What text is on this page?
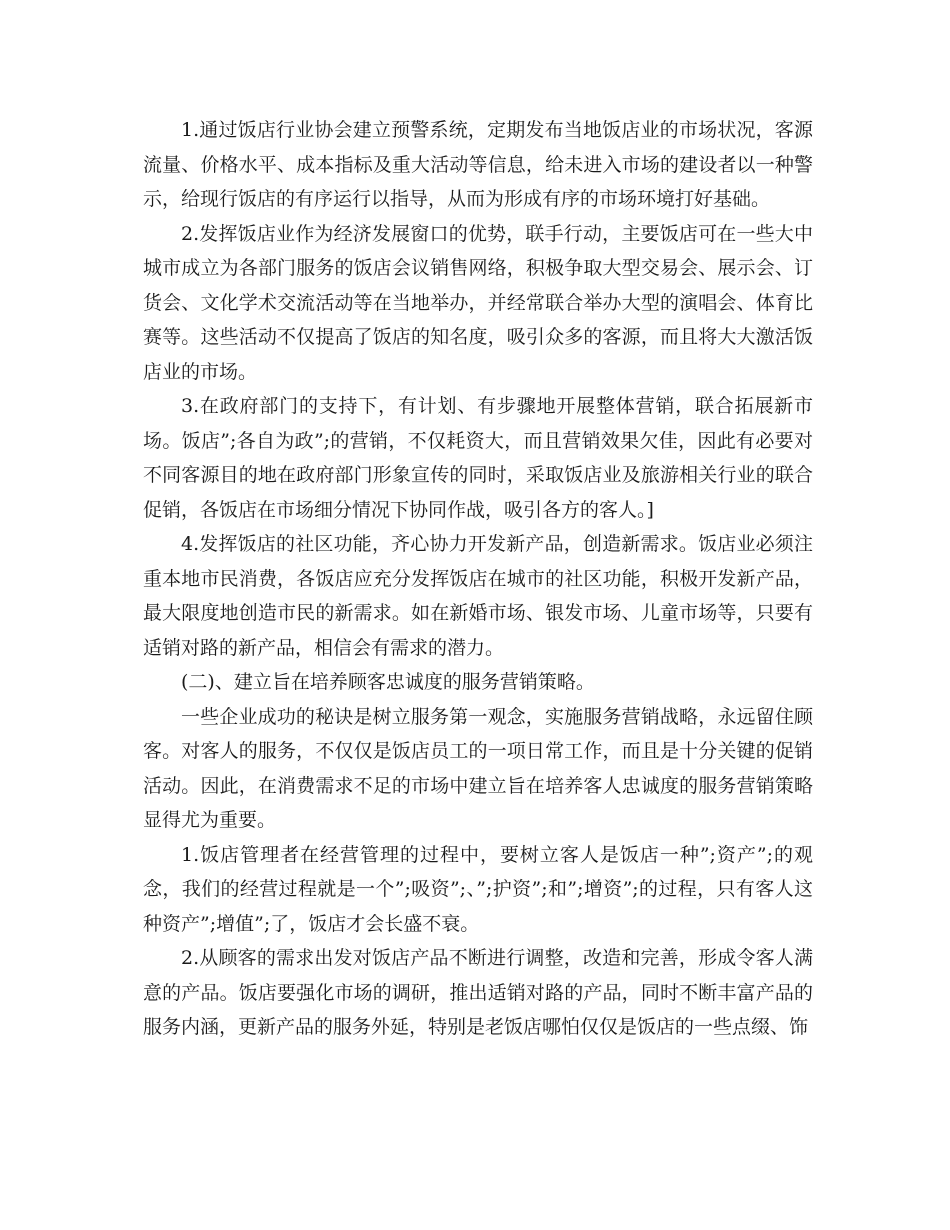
1.通过饭店行业协会建立预警系统，定期发布当地饭店业的市场状况，客源流量、价格水平、成本指标及重大活动等信息，给未进入市场的建设者以一种警示，给现行饭店的有序运行以指导，从而为形成有序的市场环境打好基础。

2.发挥饭店业作为经济发展窗口的优势，联手行动，主要饭店可在一些大中城市成立为各部门服务的饭店会议销售网络，积极争取大型交易会、展示会、订货会、文化学术交流活动等在当地举办，并经常联合举办大型的演唱会、体育比赛等。这些活动不仅提高了饭店的知名度，吸引众多的客源，而且将大大激活饭店业的市场。

3.在政府部门的支持下，有计划、有步骤地开展整体营销，联合拓展新市场。饭店”;各自为政”;的营销，不仅耗资大，而且营销效果欠佳，因此有必要对不同客源目的地在政府部门形象宣传的同时，采取饭店业及旅游相关行业的联合促销，各饭店在市场细分情况下协同作战，吸引各方的客人。]

4.发挥饭店的社区功能，齐心协力开发新产品，创造新需求。饭店业必须注重本地市民消费，各饭店应充分发挥饭店在城市的社区功能，积极开发新产品，最大限度地创造市民的新需求。如在新婚市场、银发市场、儿童市场等，只要有适销对路的新产品，相信会有需求的潜力。

(二)、建立旨在培养顾客忠诚度的服务营销策略。

一些企业成功的秘诀是树立服务第一观念，实施服务营销战略，永远留住顾客。对客人的服务，不仅仅是饭店员工的一项日常工作，而且是十分关键的促销活动。因此，在消费需求不足的市场中建立旨在培养客人忠诚度的服务营销策略显得尤为重要。

1.饭店管理者在经营管理的过程中，要树立客人是饭店一种”;资产”;的观念，我们的经营过程就是一个”;吸资”;、”;护资”;和”;增资”;的过程，只有客人这种资产”;增值”;了，饭店才会长盛不衰。

2.从顾客的需求出发对饭店产品不断进行调整，改造和完善，形成令客人满意的产品。饭店要强化市场的调研，推出适销对路的产品，同时不断丰富产品的服务内涵，更新产品的服务外延，特别是老饭店哪怕仅仅是饭店的一些点缀、饰
